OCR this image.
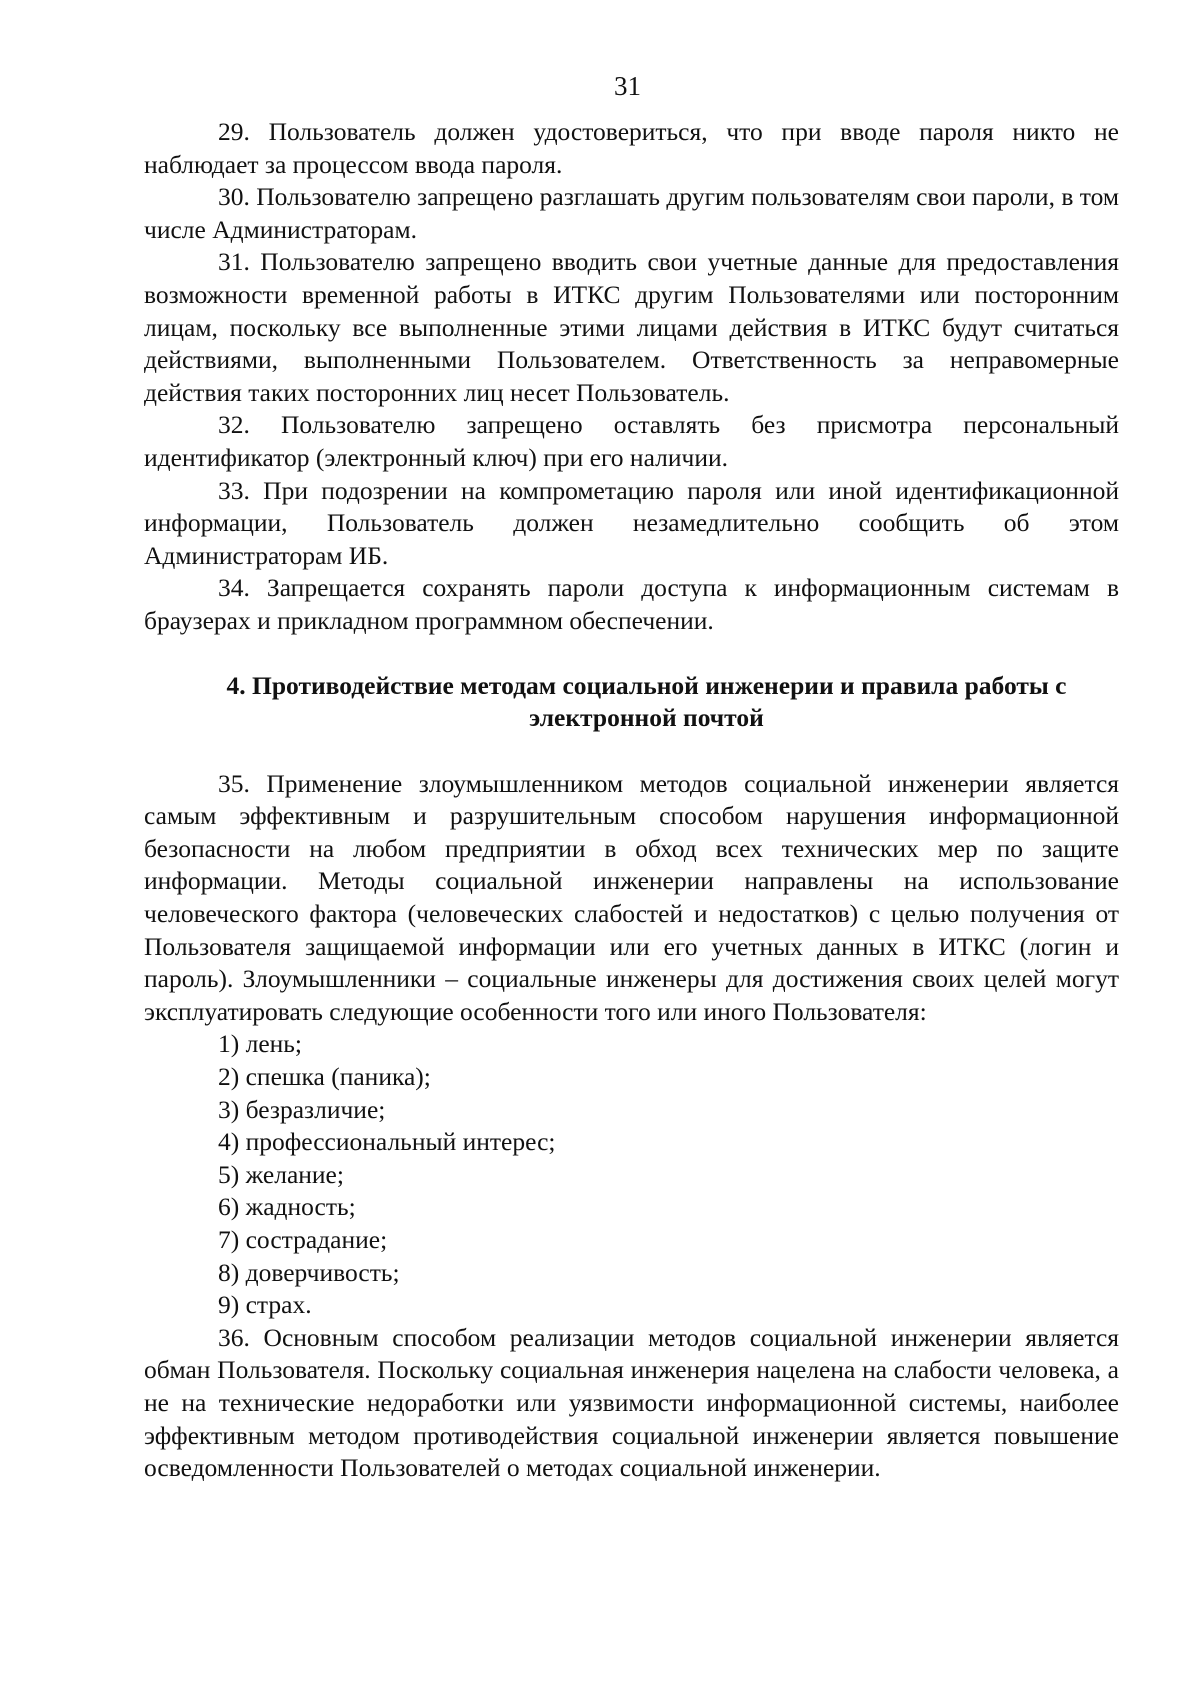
31

29. Пользователь должен удостовериться, что при вводе пароля никто не наблюдает за процессом ввода пароля.

30. Пользователю запрещено разглашать другим пользователям свои пароли, в том числе Администраторам.

31. Пользователю запрещено вводить свои учетные данные для предоставления возможности временной работы в ИТКС другим Пользователями или посторонним лицам, поскольку все выполненные этими лицами действия в ИТКС будут считаться действиями, выполненными Пользователем. Ответственность за неправомерные действия таких посторонних лиц несет Пользователь.

32. Пользователю запрещено оставлять без присмотра персональный идентификатор (электронный ключ) при его наличии.

33. При подозрении на компрометацию пароля или иной идентификационной информации, Пользователь должен незамедлительно сообщить об этом Администраторам ИБ.

34. Запрещается сохранять пароли доступа к информационным системам в браузерах и прикладном программном обеспечении.

4. Противодействие методам социальной инженерии и правила работы с электронной почтой

35. Применение злоумышленником методов социальной инженерии является самым эффективным и разрушительным способом нарушения информационной безопасности на любом предприятии в обход всех технических мер по защите информации. Методы социальной инженерии направлены на использование человеческого фактора (человеческих слабостей и недостатков) с целью получения от Пользователя защищаемой информации или его учетных данных в ИТКС (логин и пароль). Злоумышленники – социальные инженеры для достижения своих целей могут эксплуатировать следующие особенности того или иного Пользователя:

1) лень;
2) спешка (паника);
3) безразличие;
4) профессиональный интерес;
5) желание;
6) жадность;
7) сострадание;
8) доверчивость;
9) страх.

36. Основным способом реализации методов социальной инженерии является обман Пользователя. Поскольку социальная инженерия нацелена на слабости человека, а не на технические недоработки или уязвимости информационной системы, наиболее эффективным методом противодействия социальной инженерии является повышение осведомленности Пользователей о методах социальной инженерии.
